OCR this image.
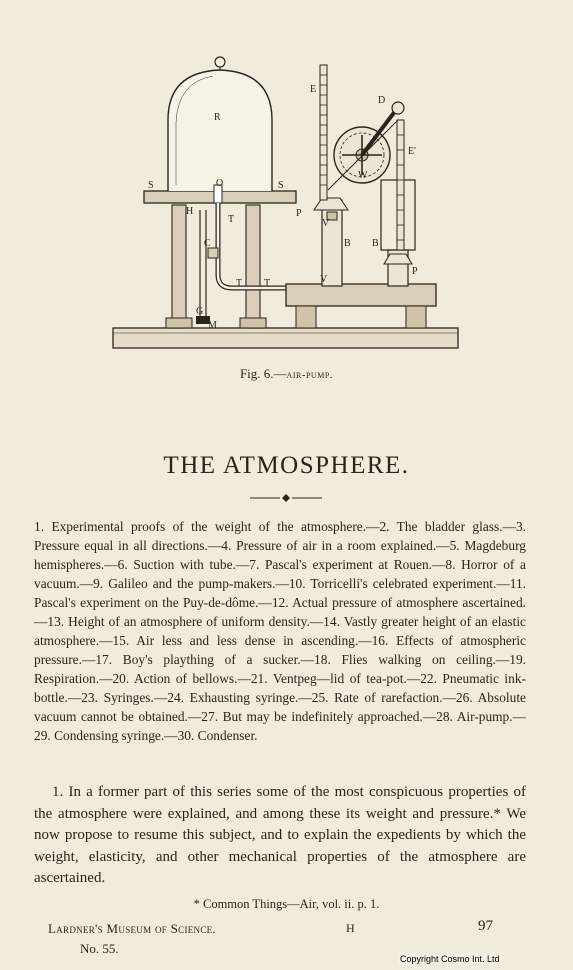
R
O
S	S
H
T
C
T T
G
M
E
D
E'
W
P
V
B B
V
P
Fig. 6.—air-pump.
THE ATMOSPHERE.
1. Experimental proofs of the weight of the atmosphere.—2. The bladder glass.—3. Pressure equal in all directions.—4. Pressure of air in a room explained.—5. Magdeburg hemispheres.—6. Suction with tube.—7. Pascal's experiment at Rouen.—8. Horror of a vacuum.—9. Galileo and the pump-makers.—10. Torricelli's celebrated experiment.—11. Pascal's experiment on the Puy-de-dôme.—12. Actual pressure of atmosphere ascertained.—13. Height of an atmosphere of uniform density.—14. Vastly greater height of an elastic atmosphere.—15. Air less and less dense in ascending.—16. Effects of atmospheric pressure.—17. Boy's plaything of a sucker.—18. Flies walking on ceiling.—19. Respiration.—20. Action of bellows.—21. Ventpeg—lid of tea-pot.—22. Pneumatic ink-bottle.—23. Syringes.—24. Exhausting syringe.—25. Rate of rarefaction.—26. Absolute vacuum cannot be obtained.—27. But may be indefinitely approached.—28. Air-pump.—29. Condensing syringe.—30. Condenser.
1. In a former part of this series some of the most conspicuous properties of the atmosphere were explained, and among these its weight and pressure.* We now propose to resume this subject, and to explain the expedients by which the weight, elasticity, and other mechanical properties of the atmosphere are ascertained.
* Common Things—Air, vol. ii. p. 1.
Lardner's Museum of Science.	H	97
No. 55.
Copyright Cosmo Int. Ltd
